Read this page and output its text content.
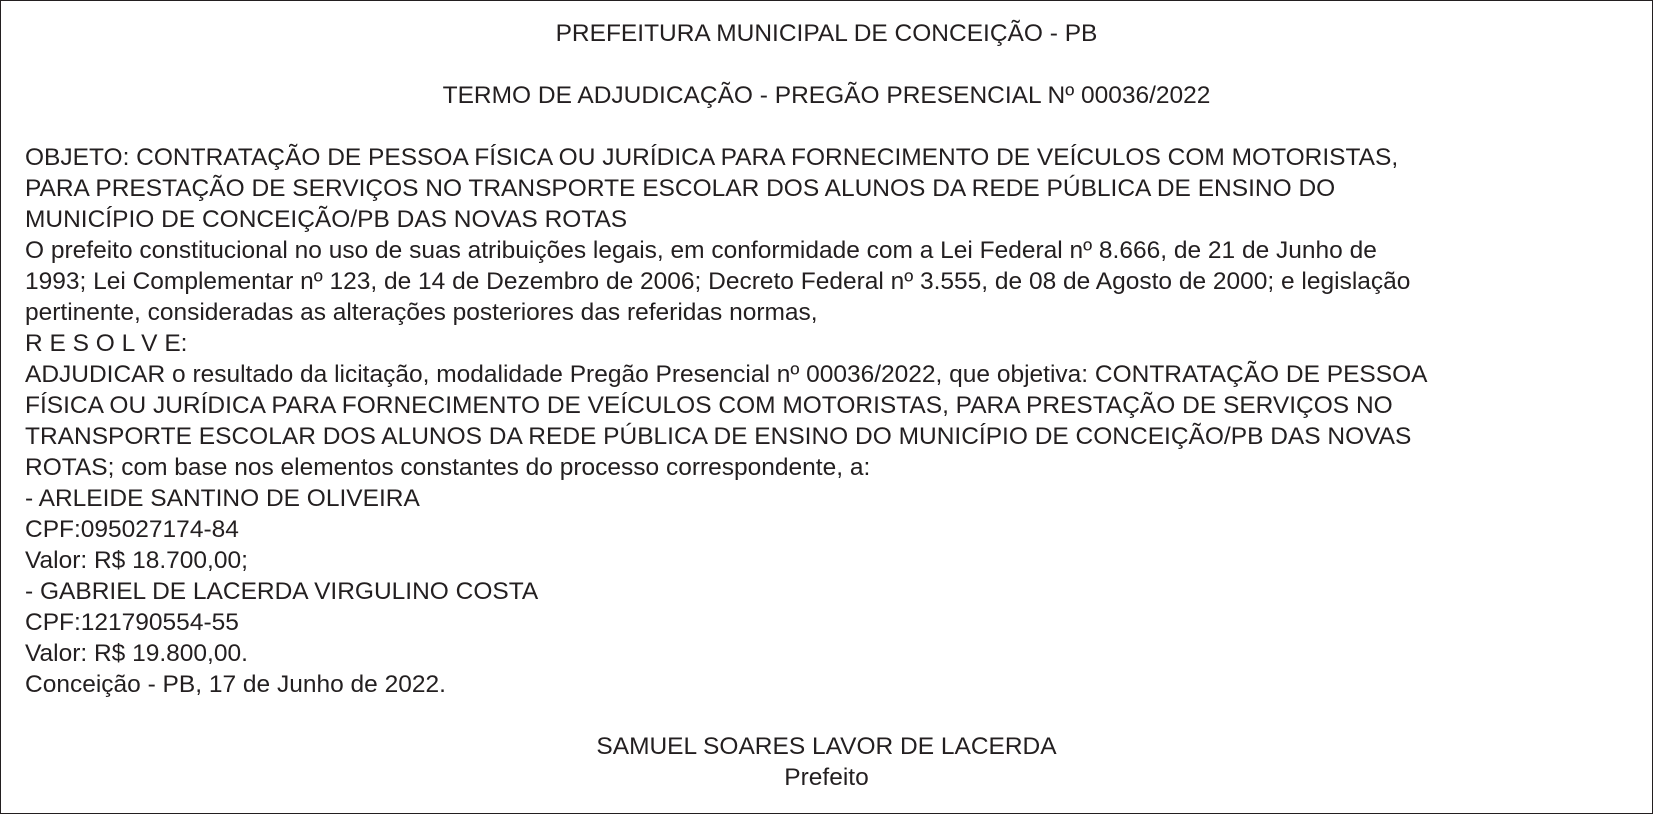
PREFEITURA MUNICIPAL DE CONCEIÇÃO - PB
TERMO DE ADJUDICAÇÃO - PREGÃO PRESENCIAL Nº 00036/2022
OBJETO: CONTRATAÇÃO DE PESSOA FÍSICA OU JURÍDICA PARA FORNECIMENTO DE VEÍCULOS COM MOTORISTAS,
PARA PRESTAÇÃO DE SERVIÇOS NO TRANSPORTE ESCOLAR DOS ALUNOS DA REDE PÚBLICA DE ENSINO DO
MUNICÍPIO DE CONCEIÇÃO/PB DAS NOVAS ROTAS
O prefeito constitucional no uso de suas atribuições legais, em conformidade com a Lei Federal nº 8.666, de 21 de Junho de
1993; Lei Complementar nº 123, de 14 de Dezembro de 2006; Decreto Federal nº 3.555, de 08 de Agosto de 2000; e legislação
pertinente, consideradas as alterações posteriores das referidas normas,
R E S O L V E:
ADJUDICAR o resultado da licitação, modalidade Pregão Presencial nº 00036/2022, que objetiva: CONTRATAÇÃO DE PESSOA
FÍSICA OU JURÍDICA PARA FORNECIMENTO DE VEÍCULOS COM MOTORISTAS, PARA PRESTAÇÃO DE SERVIÇOS NO
TRANSPORTE ESCOLAR DOS ALUNOS DA REDE PÚBLICA DE ENSINO DO MUNICÍPIO DE CONCEIÇÃO/PB DAS NOVAS
ROTAS; com base nos elementos constantes do processo correspondente, a:
- ARLEIDE SANTINO DE OLIVEIRA
CPF:095027174-84
Valor: R$ 18.700,00;
- GABRIEL DE LACERDA VIRGULINO COSTA
CPF:121790554-55
Valor: R$ 19.800,00.
Conceição - PB, 17 de Junho de 2022.
SAMUEL SOARES LAVOR DE LACERDA
Prefeito
